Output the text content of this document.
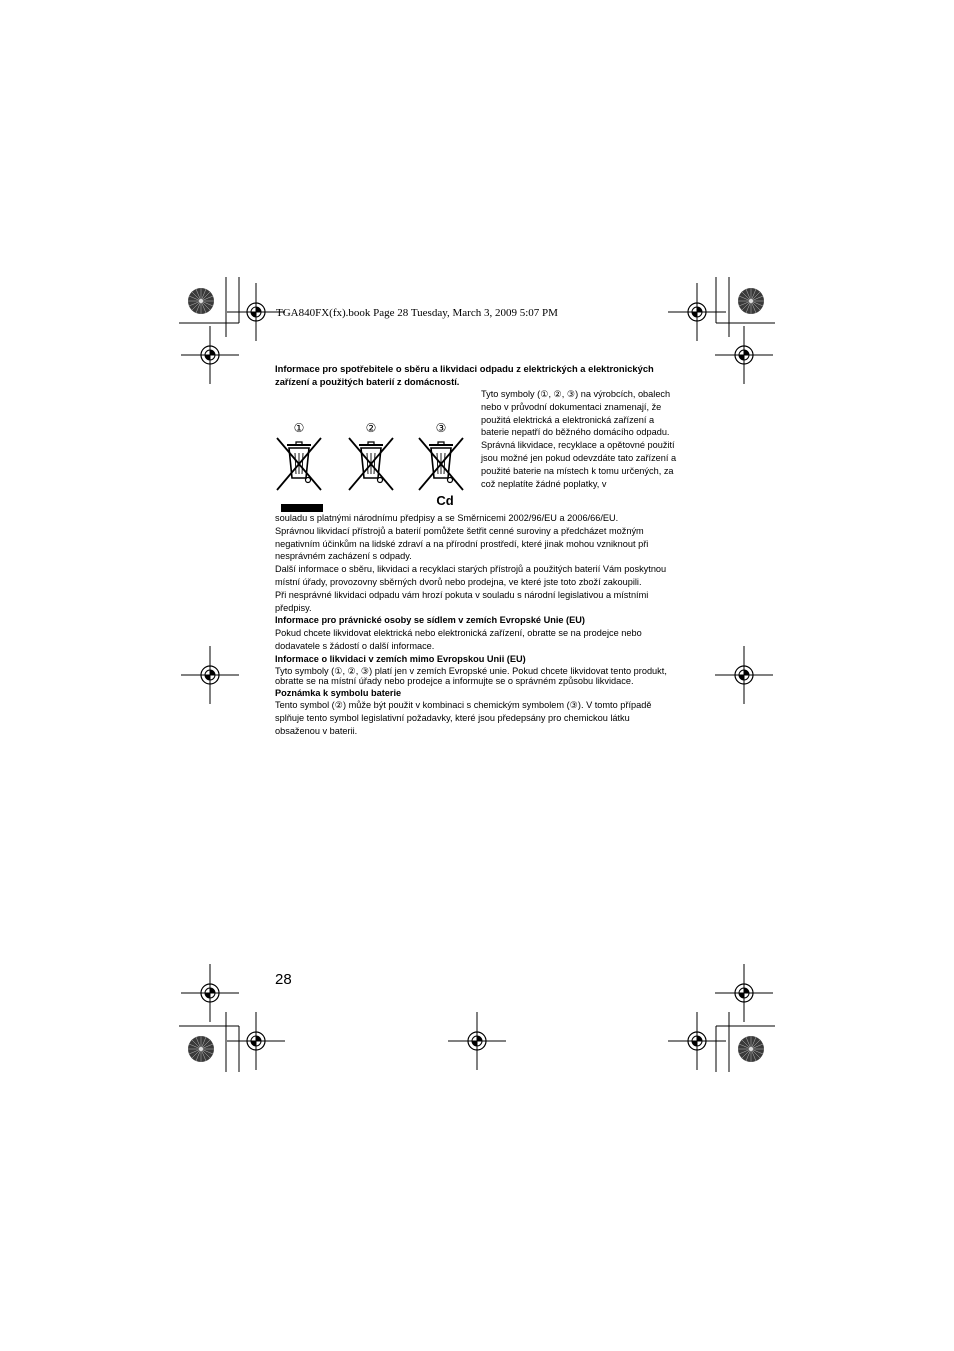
TGA840FX(fx).book Page 28 Tuesday, March 3, 2009 5:07 PM

Informace pro spotřebitele o sběru a likvidaci odpadu z elektrických a elektronických zařízení a použitých baterií z domácností.

①	②	③
Cd

Tyto symboly (①, ②, ③) na výrobcích, obalech nebo v průvodní dokumentaci znamenají, že použitá elektrická a elektronická zařízení a baterie nepatří do běžného domácího odpadu.

Správná likvidace, recyklace a opětovné použití jsou možné jen pokud odevzdáte tato zařízení a použité baterie na místech k tomu určených, za což neplatíte žádné poplatky, v

souladu s platnými národnímu předpisy a se Směrnicemi 2002/96/EU a 2006/66/EU.

Správnou likvidací přístrojů a baterií pomůžete šetřit cenné suroviny a předcházet možným negativním účinkům na lidské zdraví a na přírodní prostředí, které jinak mohou vzniknout při nesprávném zacházení s odpady.

Další informace o sběru, likvidaci a recyklaci starých přístrojů a použitých baterií Vám poskytnou místní úřady, provozovny sběrných dvorů nebo prodejna, ve které jste toto zboží zakoupili.

Při nesprávné likvidaci odpadu vám hrozí pokuta v souladu s národní legislativou a místními předpisy.

Informace pro právnické osoby se sídlem v zemích Evropské Unie (EU)

Pokud chcete likvidovat elektrická nebo elektronická zařízení, obratte se na prodejce nebo dodavatele s žádostí o další informace.

Informace o likvidaci v zemích mimo Evropskou Unii (EU)

Tyto symboly (①, ②, ③) platí jen v zemích Evropské unie. Pokud chcete likvidovat tento produkt, obratte se na místní úřady nebo prodejce a informujte se o správném způsobu likvidace.

Poznámka k symbolu baterie

Tento symbol (②) může být použit v kombinaci s chemickým symbolem (③). V tomto případě splňuje tento symbol legislativní požadavky, které jsou předepsány pro chemickou látku obsaženou v baterii.

28
